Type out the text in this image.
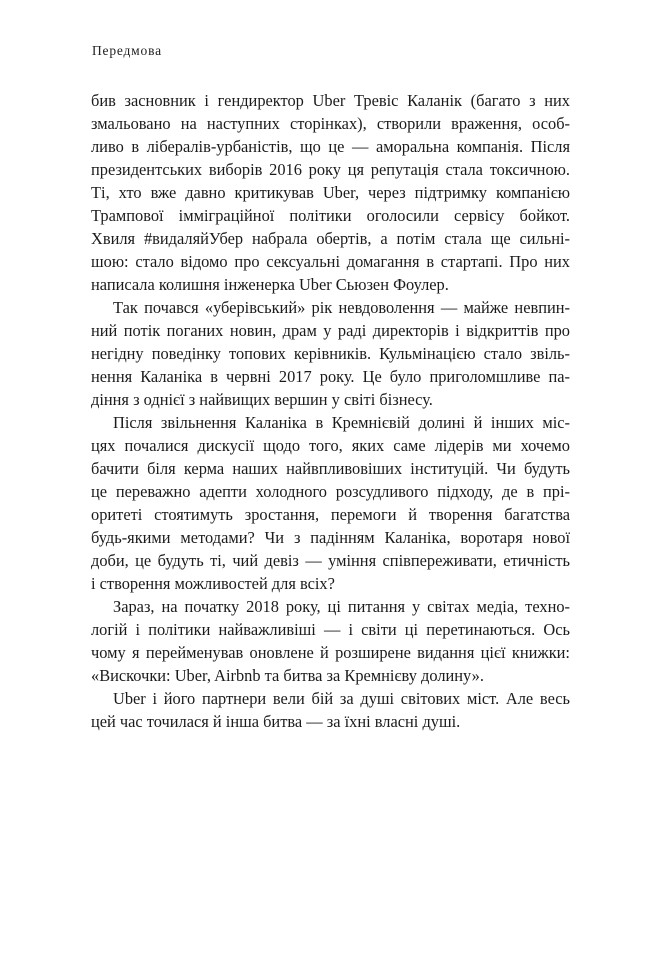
Передмова
бив засновник і гендиректор Uber Тревіс Каланік (багато з них
змальовано на наступних сторінках), створили враження, особ-
ливо в лібералів-урбаністів, що це — аморальна компанія. Після
президентських виборів 2016 року ця репутація стала токсичною.
Ті, хто вже давно критикував Uber, через підтримку компанією
Трампової імміграційної політики оголосили сервісу бойкот.
Хвиля #видаляйУбер набрала обертів, а потім стала ще сильні-
шою: стало відомо про сексуальні домагання в стартапі. Про них
написала колишня інженерка Uber Сьюзен Фоулер.
Так почався «уберівський» рік невдоволення — майже невпин-
ний потік поганих новин, драм у раді директорів і відкриттів про
негідну поведінку топових керівників. Кульмінацією стало звіль-
нення Каланіка в червні 2017 року. Це було приголомшливе па-
діння з однієї з найвищих вершин у світі бізнесу.
Після звільнення Каланіка в Кремнієвій долині й інших міс-
цях почалися дискусії щодо того, яких саме лідерів ми хочемо
бачити біля керма наших найвпливовіших інституцій. Чи будуть
це переважно адепти холодного розсудливого підходу, де в прі-
оритеті стоятимуть зростання, перемоги й творення багатства
будь-якими методами? Чи з падінням Каланіка, воротаря нової
доби, це будуть ті, чий девіз — уміння співпереживати, етичність
і створення можливостей для всіх?
Зараз, на початку 2018 року, ці питання у світах медіа, техно-
логій і політики найважливіші — і світи ці перетинаються. Ось
чому я перейменував оновлене й розширене видання цієї книжки:
«Вискочки: Uber, Airbnb та битва за Кремнієву долину».
Uber і його партнери вели бій за душі світових міст. Але весь
цей час точилася й інша битва — за їхні власні душі.
